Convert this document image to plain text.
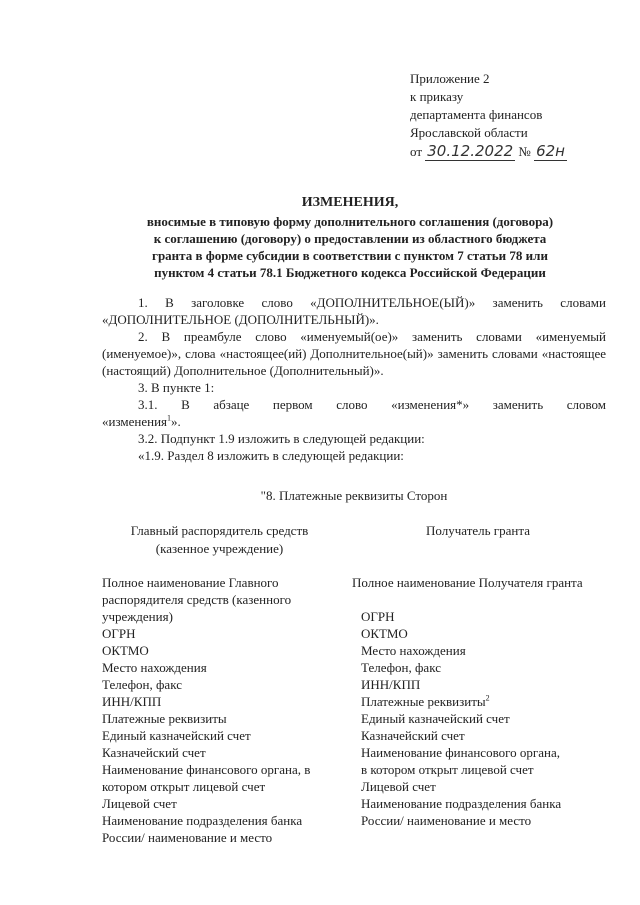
Приложение 2
к приказу
департамента финансов
Ярославской области
от 30.12.2022 № 62н
ИЗМЕНЕНИЯ,
вносимые в типовую форму дополнительного соглашения (договора)
к соглашению (договору) о предоставлении из областного бюджета
гранта в форме субсидии в соответствии с пунктом 7 статьи 78 или
пунктом 4 статьи 78.1 Бюджетного кодекса Российской Федерации

1. В заголовке слово «ДОПОЛНИТЕЛЬНОЕ(ЫЙ)» заменить словами «ДОПОЛНИТЕЛЬНОЕ (ДОПОЛНИТЕЛЬНЫЙ)».

2. В преамбуле слово «именуемый(ое)» заменить словами «именуемый (именуемое)», слова «настоящее(ий) Дополнительное(ый)» заменить словами «настоящее (настоящий) Дополнительное (Дополнительный)».

3. В пункте 1:

3.1. В абзаце первом слово «изменения*» заменить словом

«изменения$^1$».

3.2. Подпункт 1.9 изложить в следующей редакции:

«1.9. Раздел 8 изложить в следующей редакции:

"8. Платежные реквизиты Сторон
Главный распорядитель средств
(казенное учреждение)
Получатель гранта

Полное наименование Главного распорядителя средств (казенного учреждения)

ОГРН

ОКТМО

Место нахождения

Телефон, факс

ИНН/КПП

Платежные реквизиты

Единый казначейский счет

Казначейский счет

Наименование финансового органа, в котором открыт лицевой счет

Лицевой счет

Наименование подразделения банка

России/ наименование и место

Полное наименование Получателя гранта

ОГРН

ОКТМО

Место нахождения

Телефон, факс

ИНН/КПП

Платежные реквизиты$^2$

Единый казначейский счет

Казначейский счет

Наименование финансового органа,

в котором открыт лицевой счет

Лицевой счет

Наименование подразделения банка

России/ наименование и место
